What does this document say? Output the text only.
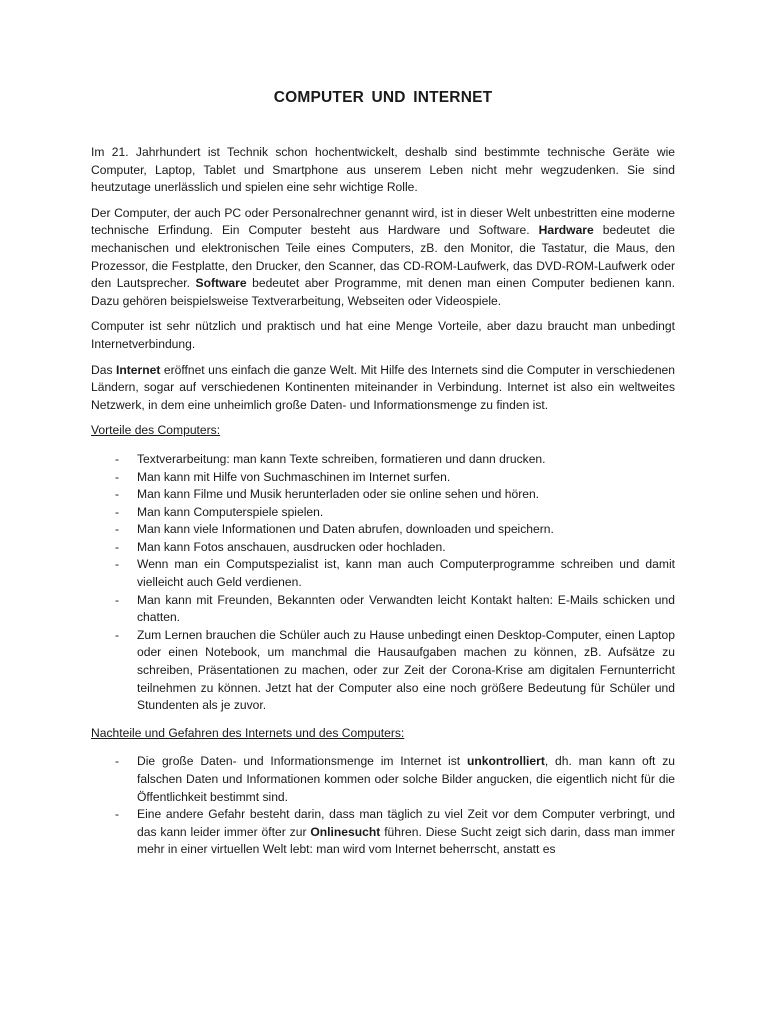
COMPUTER UND INTERNET

Im 21. Jahrhundert ist Technik schon hochentwickelt, deshalb sind bestimmte technische Geräte wie Computer, Laptop, Tablet und Smartphone aus unserem Leben nicht mehr wegzudenken. Sie sind heutzutage unerlässlich und spielen eine sehr wichtige Rolle.

Der Computer, der auch PC oder Personalrechner genannt wird, ist in dieser Welt unbestritten eine moderne technische Erfindung. Ein Computer besteht aus Hardware und Software. Hardware bedeutet die mechanischen und elektronischen Teile eines Computers, zB. den Monitor, die Tastatur, die Maus, den Prozessor, die Festplatte, den Drucker, den Scanner, das CD-ROM-Laufwerk, das DVD-ROM-Laufwerk oder den Lautsprecher. Software bedeutet aber Programme, mit denen man einen Computer bedienen kann. Dazu gehören beispielsweise Textverarbeitung, Webseiten oder Videospiele.

Computer ist sehr nützlich und praktisch und hat eine Menge Vorteile, aber dazu braucht man unbedingt Internetverbindung.

Das Internet eröffnet uns einfach die ganze Welt. Mit Hilfe des Internets sind die Computer in verschiedenen Ländern, sogar auf verschiedenen Kontinenten miteinander in Verbindung. Internet ist also ein weltweites Netzwerk, in dem eine unheimlich große Daten- und Informationsmenge zu finden ist.

Vorteile des Computers:
- Textverarbeitung: man kann Texte schreiben, formatieren und dann drucken.
- Man kann mit Hilfe von Suchmaschinen im Internet surfen.
- Man kann Filme und Musik herunterladen oder sie online sehen und hören.
- Man kann Computerspiele spielen.
- Man kann viele Informationen und Daten abrufen, downloaden und speichern.
- Man kann Fotos anschauen, ausdrucken oder hochladen.
- Wenn man ein Computspezialist ist, kann man auch Computerprogramme schreiben und damit vielleicht auch Geld verdienen.
- Man kann mit Freunden, Bekannten oder Verwandten leicht Kontakt halten: E-Mails schicken und chatten.
- Zum Lernen brauchen die Schüler auch zu Hause unbedingt einen Desktop-Computer, einen Laptop oder einen Notebook, um manchmal die Hausaufgaben machen zu können, zB. Aufsätze zu schreiben, Präsentationen zu machen, oder zur Zeit der Corona-Krise am digitalen Fernunterricht teilnehmen zu können. Jetzt hat der Computer also eine noch größere Bedeutung für Schüler und Stundenten als je zuvor.
Nachteile und Gefahren des Internets und des Computers:
- Die große Daten- und Informationsmenge im Internet ist unkontrolliert, dh. man kann oft zu falschen Daten und Informationen kommen oder solche Bilder angucken, die eigentlich nicht für die Öffentlichkeit bestimmt sind.
- Eine andere Gefahr besteht darin, dass man täglich zu viel Zeit vor dem Computer verbringt, und das kann leider immer öfter zur Onlinesucht führen. Diese Sucht zeigt sich darin, dass man immer mehr in einer virtuellen Welt lebt: man wird vom Internet beherrscht, anstatt es
